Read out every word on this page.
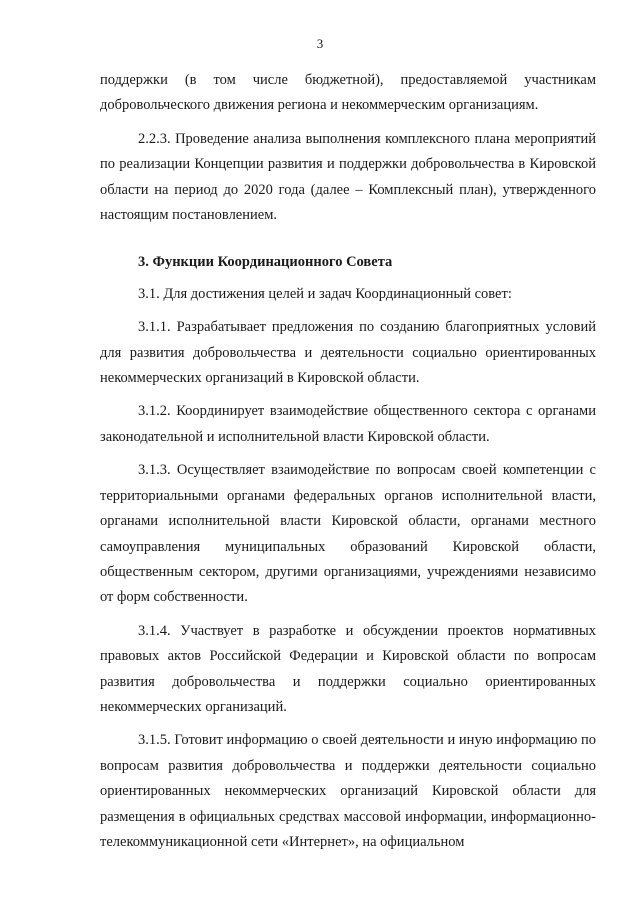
3

поддержки (в том числе бюджетной), предоставляемой участникам добровольческого движения региона и некоммерческим организациям.

2.2.3. Проведение анализа выполнения комплексного плана мероприятий по реализации Концепции развития и поддержки добровольчества в Кировской области на период до 2020 года (далее – Комплексный план), утвержденного настоящим постановлением.

3. Функции Координационного Совета

3.1. Для достижения целей и задач Координационный совет:

3.1.1. Разрабатывает предложения по созданию благоприятных условий для развития добровольчества и деятельности социально ориентированных некоммерческих организаций в Кировской области.

3.1.2. Координирует взаимодействие общественного сектора с органами законодательной и исполнительной власти Кировской области.

3.1.3. Осуществляет взаимодействие по вопросам своей компетенции с территориальными органами федеральных органов исполнительной власти, органами исполнительной власти Кировской области, органами местного самоуправления муниципальных образований Кировской области, общественным сектором, другими организациями, учреждениями независимо от форм собственности.

3.1.4. Участвует в разработке и обсуждении проектов нормативных правовых актов Российской Федерации и Кировской области по вопросам развития добровольчества и поддержки социально ориентированных некоммерческих организаций.

3.1.5. Готовит информацию о своей деятельности и иную информацию по вопросам развития добровольчества и поддержки деятельности социально ориентированных некоммерческих организаций Кировской области для размещения в официальных средствах массовой информации, информационно-телекоммуникационной сети «Интернет», на официальном
